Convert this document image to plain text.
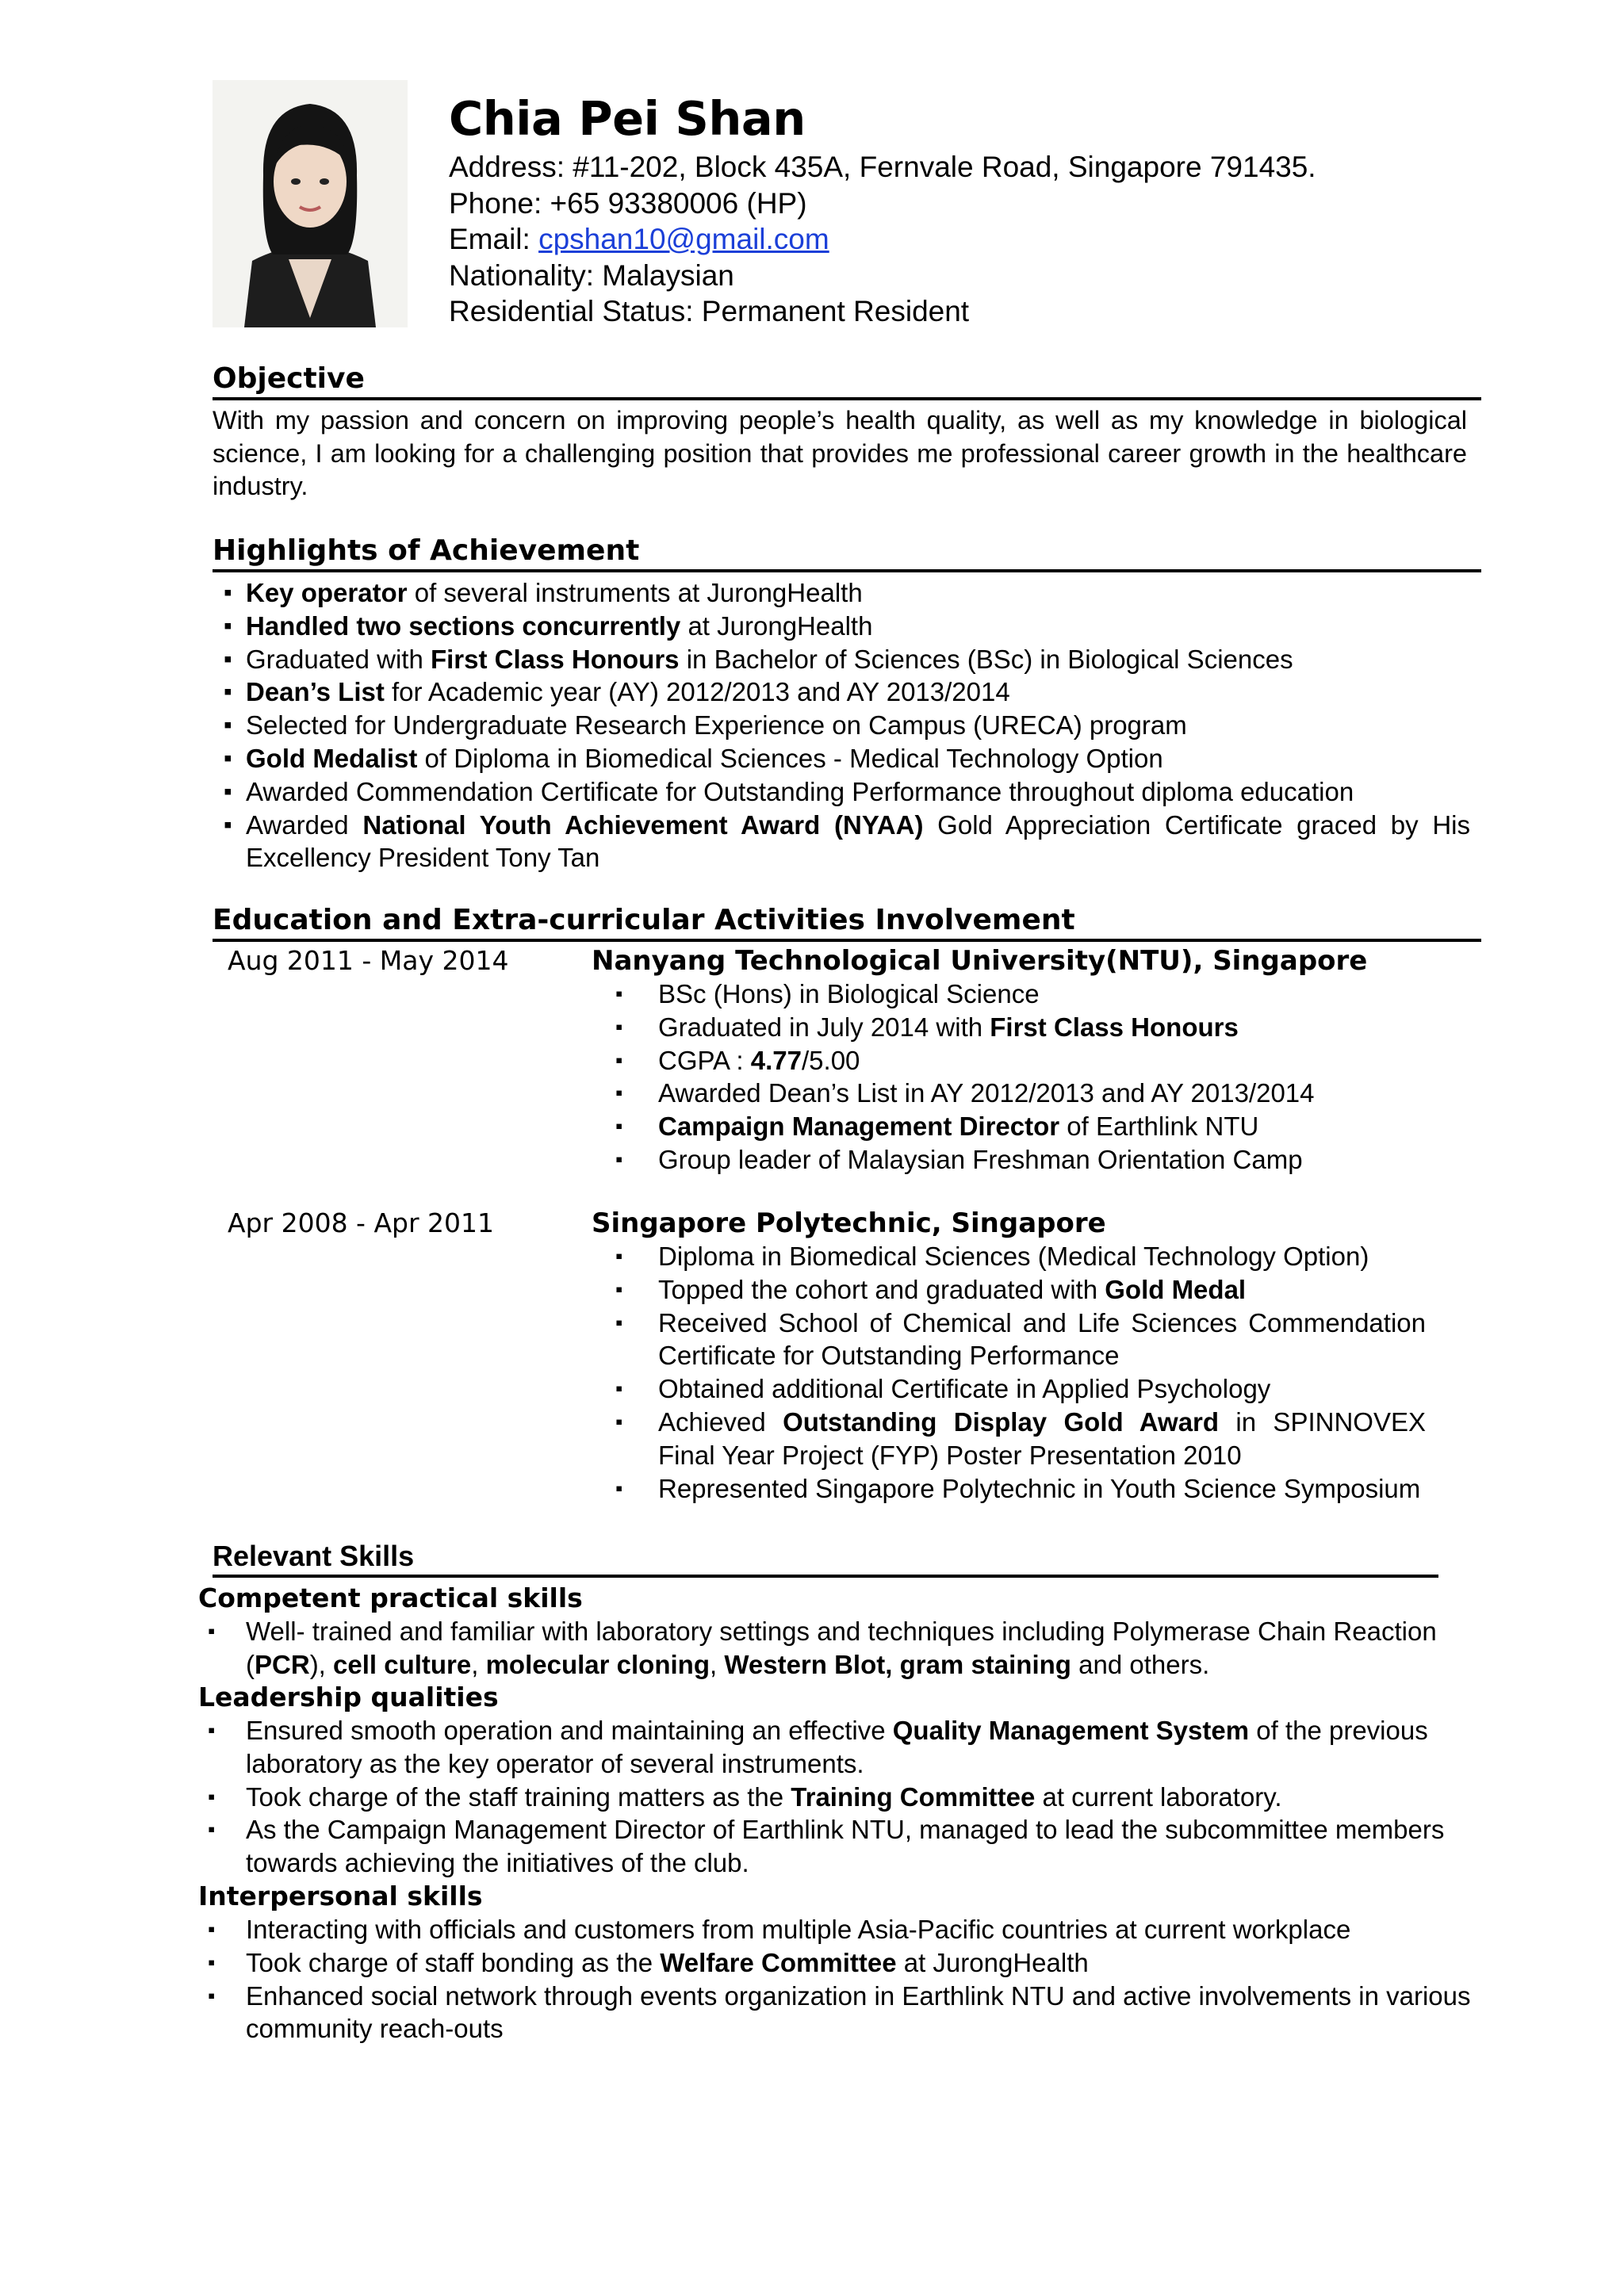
Chia Pei Shan
Address: #11-202, Block 435A, Fernvale Road, Singapore 791435.
Phone: +65 93380006 (HP)
Email: cpshan10@gmail.com
Nationality: Malaysian
Residential Status: Permanent Resident
Objective

With my passion and concern on improving people’s health quality, as well as my knowledge in biological science, I am looking for a challenging position that provides me professional career growth in the healthcare industry.

Highlights of Achievement
▪ Key operator of several instruments at JurongHealth
▪ Handled two sections concurrently at JurongHealth
▪ Graduated with First Class Honours in Bachelor of Sciences (BSc) in Biological Sciences
▪ Dean’s List for Academic year (AY) 2012/2013 and AY 2013/2014
▪ Selected for Undergraduate Research Experience on Campus (URECA) program
▪ Gold Medalist of Diploma in Biomedical Sciences - Medical Technology Option
▪ Awarded Commendation Certificate for Outstanding Performance throughout diploma education
▪ Awarded National Youth Achievement Award (NYAA) Gold Appreciation Certificate graced by His Excellency President Tony Tan
Education and Extra-curricular Activities Involvement
Aug 2011 - May 2014	Nanyang Technological University(NTU), Singapore
▪ BSc (Hons) in Biological Science
▪ Graduated in July 2014 with First Class Honours
▪ CGPA : 4.77/5.00
▪ Awarded Dean’s List in AY 2012/2013 and AY 2013/2014
▪ Campaign Management Director of Earthlink NTU
▪ Group leader of Malaysian Freshman Orientation Camp
Apr 2008 - Apr 2011	Singapore Polytechnic, Singapore
▪ Diploma in Biomedical Sciences (Medical Technology Option)
▪ Topped the cohort and graduated with Gold Medal
▪ Received School of Chemical and Life Sciences Commendation Certificate for Outstanding Performance
▪ Obtained additional Certificate in Applied Psychology
▪ Achieved Outstanding Display Gold Award in SPINNOVEX Final Year Project (FYP) Poster Presentation 2010
▪ Represented Singapore Polytechnic in Youth Science Symposium
Relevant Skills
Competent practical skills
▪ Well- trained and familiar with laboratory settings and techniques including Polymerase Chain Reaction (PCR), cell culture, molecular cloning, Western Blot, gram staining and others.
Leadership qualities
▪ Ensured smooth operation and maintaining an effective Quality Management System of the previous laboratory as the key operator of several instruments.
▪ Took charge of the staff training matters as the Training Committee at current laboratory.
▪ As the Campaign Management Director of Earthlink NTU, managed to lead the subcommittee members towards achieving the initiatives of the club.
Interpersonal skills
▪ Interacting with officials and customers from multiple Asia-Pacific countries at current workplace
▪ Took charge of staff bonding as the Welfare Committee at JurongHealth
▪ Enhanced social network through events organization in Earthlink NTU and active involvements in various community reach-outs
